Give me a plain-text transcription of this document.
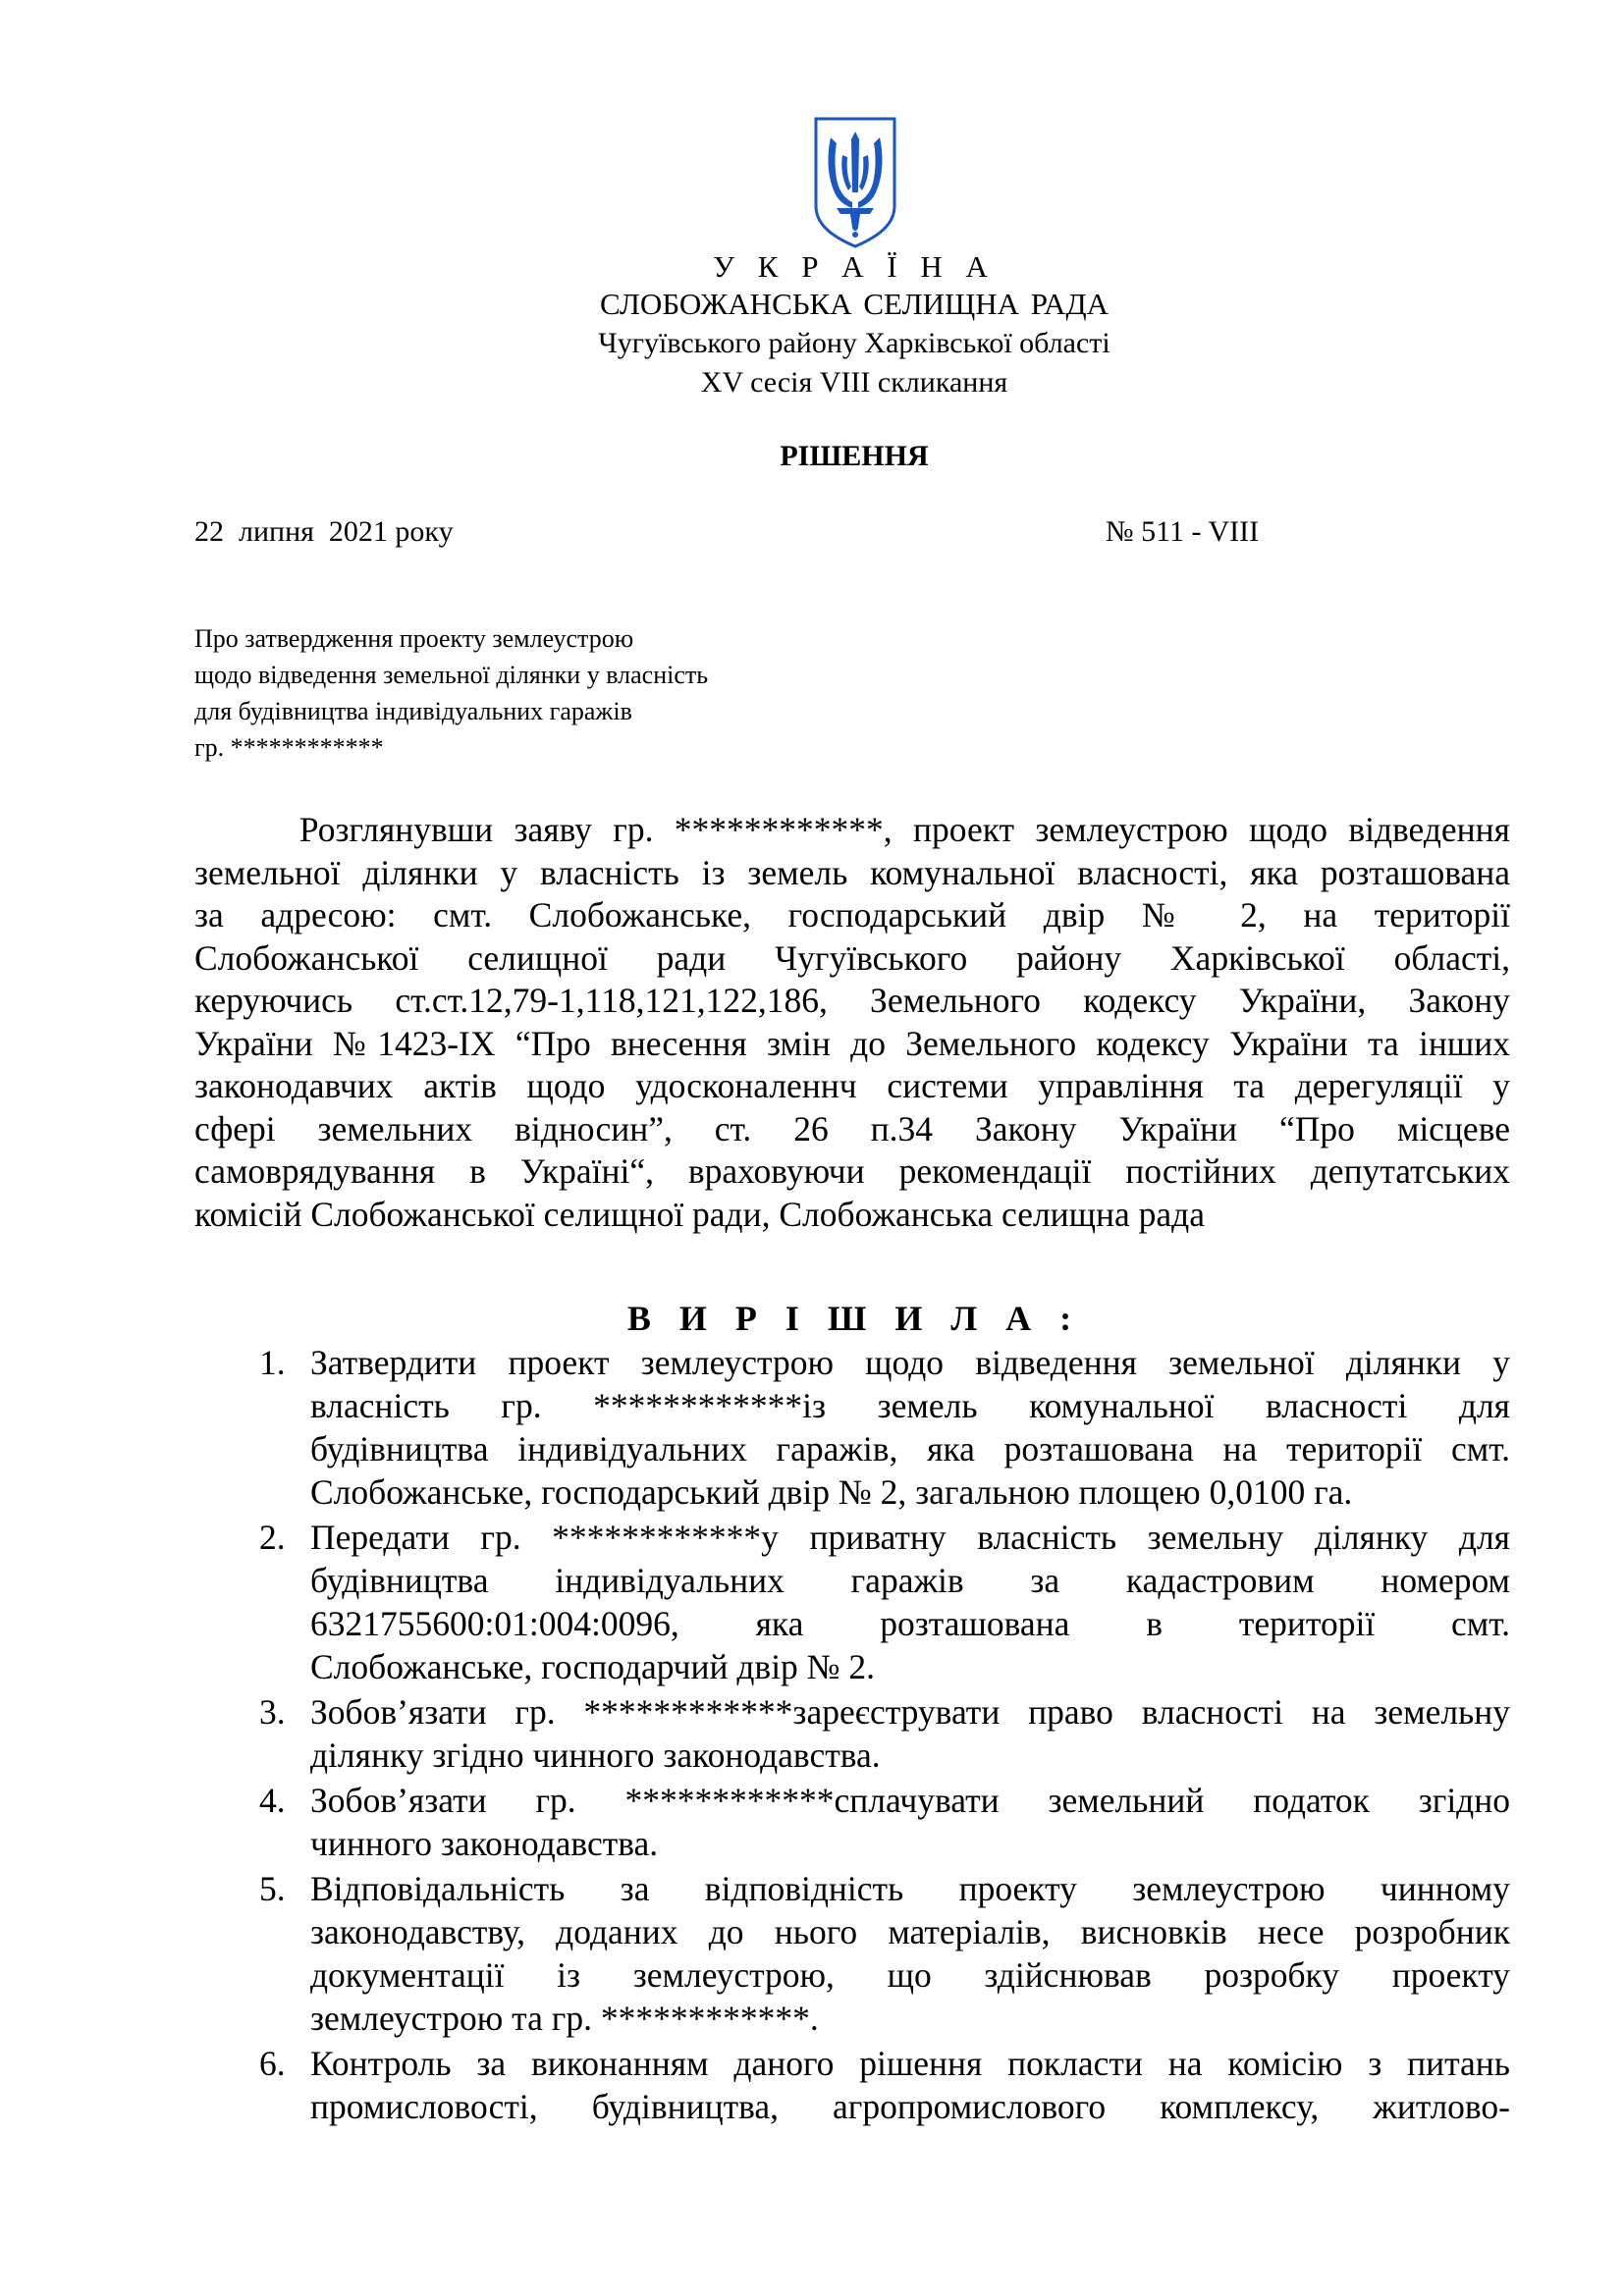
У К Р А Ї Н А
СЛОБОЖАНСЬКА СЕЛИЩНА РАДА
Чугуївського району Харківської області
XV сесія VIII скликання
РІШЕННЯ
22  липня  2021 року	№ 511 - VIII
Про затвердження проекту землеустрою
щодо відведення земельної ділянки у власність
для будівництва індивідуальних гаражів
гр. ************
Розглянувши заяву гр. ************, проект землеустрою щодо відведення
земельної ділянки у власність із земель комунальної власності, яка розташована
за адресою: смт. Слобожанське, господарський двір № 2, на території
Слобожанської селищної ради Чугуївського району Харківської області,
керуючись ст.ст.12,79-1,118,121,122,186, Земельного кодексу України, Закону
України №1423-IX “Про внесення змін до Земельного кодексу України та інших
законодавчих актів щодо удосконаленнч системи управління та дерегуляції у
сфері земельних відносин”, ст. 26 п.34 Закону України “Про місцеве
самоврядування в Україні“, враховуючи рекомендації постійних депутатських
комісій Слобожанської селищної ради, Слобожанська селищна рада
В И Р І Ш И Л А :
1. Затвердити проект землеустрою щодо відведення земельної ділянки у
власність гр. ************із земель комунальної власності для
будівництва індивідуальних гаражів, яка розташована на території смт.
Слобожанське, господарський двір № 2, загальною площею 0,0100 га.
2. Передати гр. ************у приватну власність земельну ділянку для
будівництва індивідуальних гаражів за кадастровим номером
6321755600:01:004:0096, яка розташована в території смт.
Слобожанське, господарчий двір № 2.
3. Зобов’язати гр. ************зареєструвати право власності на земельну
ділянку згідно чинного законодавства.
4. Зобов’язати гр. ************сплачувати земельний податок згідно
чинного законодавства.
5. Відповідальність за відповідність проекту землеустрою чинному
законодавству, доданих до нього матеріалів, висновків несе розробник
документації із землеустрою, що здійснював розробку проекту
землеустрою та гр. ************.
6. Контроль за виконанням даного рішення покласти на комісію з питань
промисловості, будівництва, агропромислового комплексу, житлово-
